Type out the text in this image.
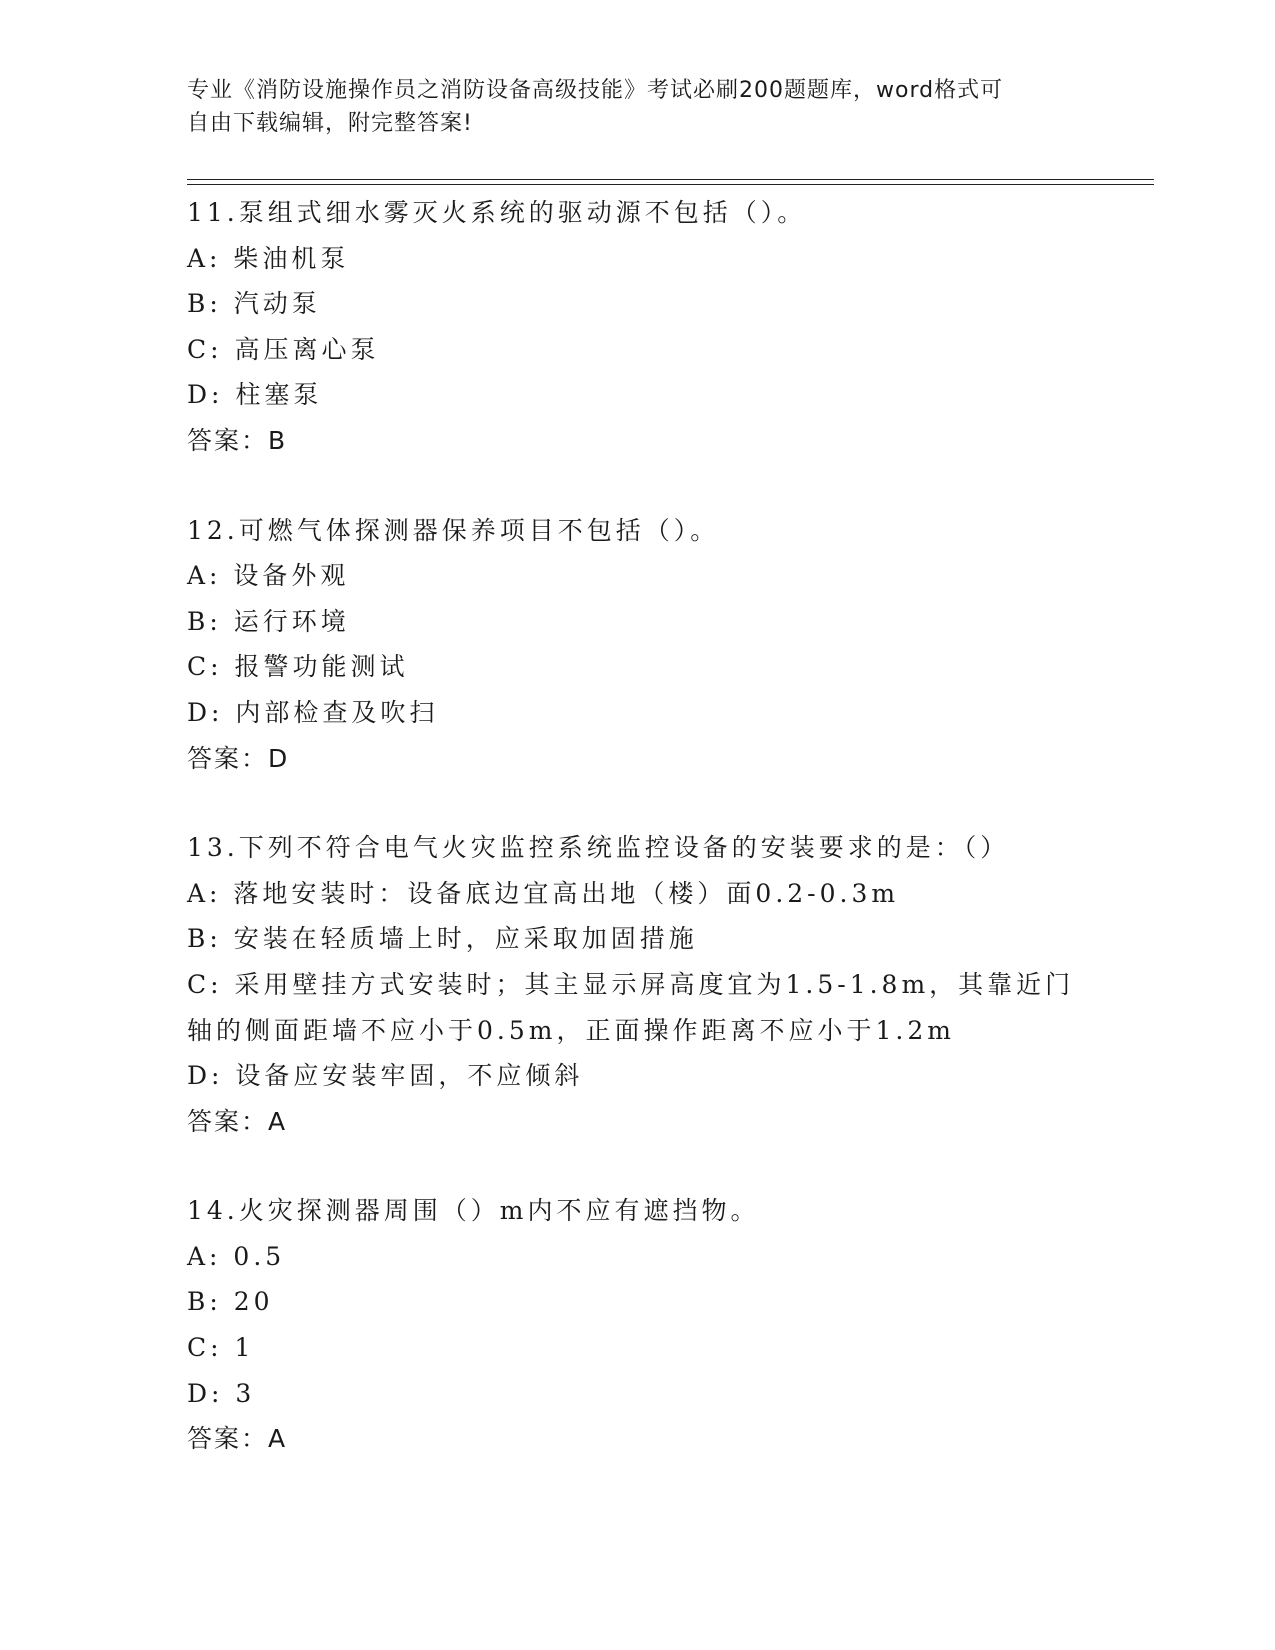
专业《消防设施操作员之消防设备高级技能》考试必刷200题题库，word格式可
自由下载编辑，附完整答案!
11.泵组式细水雾灭火系统的驱动源不包括（）。
A: 柴油机泵
B: 汽动泵
C: 高压离心泵
D: 柱塞泵
答案：B
12.可燃气体探测器保养项目不包括（）。
A: 设备外观
B: 运行环境
C: 报警功能测试
D: 内部检查及吹扫
答案：D
13.下列不符合电气火灾监控系统监控设备的安装要求的是：（）
A: 落地安装时：设备底边宜高出地（楼）面0.2-0.3m
B: 安装在轻质墙上时，应采取加固措施
C: 采用壁挂方式安装时；其主显示屏高度宜为1.5-1.8m，其靠近门轴的侧面距墙不应小于0.5m，正面操作距离不应小于1.2m
D: 设备应安装牢固，不应倾斜
答案：A
14.火灾探测器周围（）m内不应有遮挡物。
A: 0.5
B: 20
C: 1
D: 3
答案：A
